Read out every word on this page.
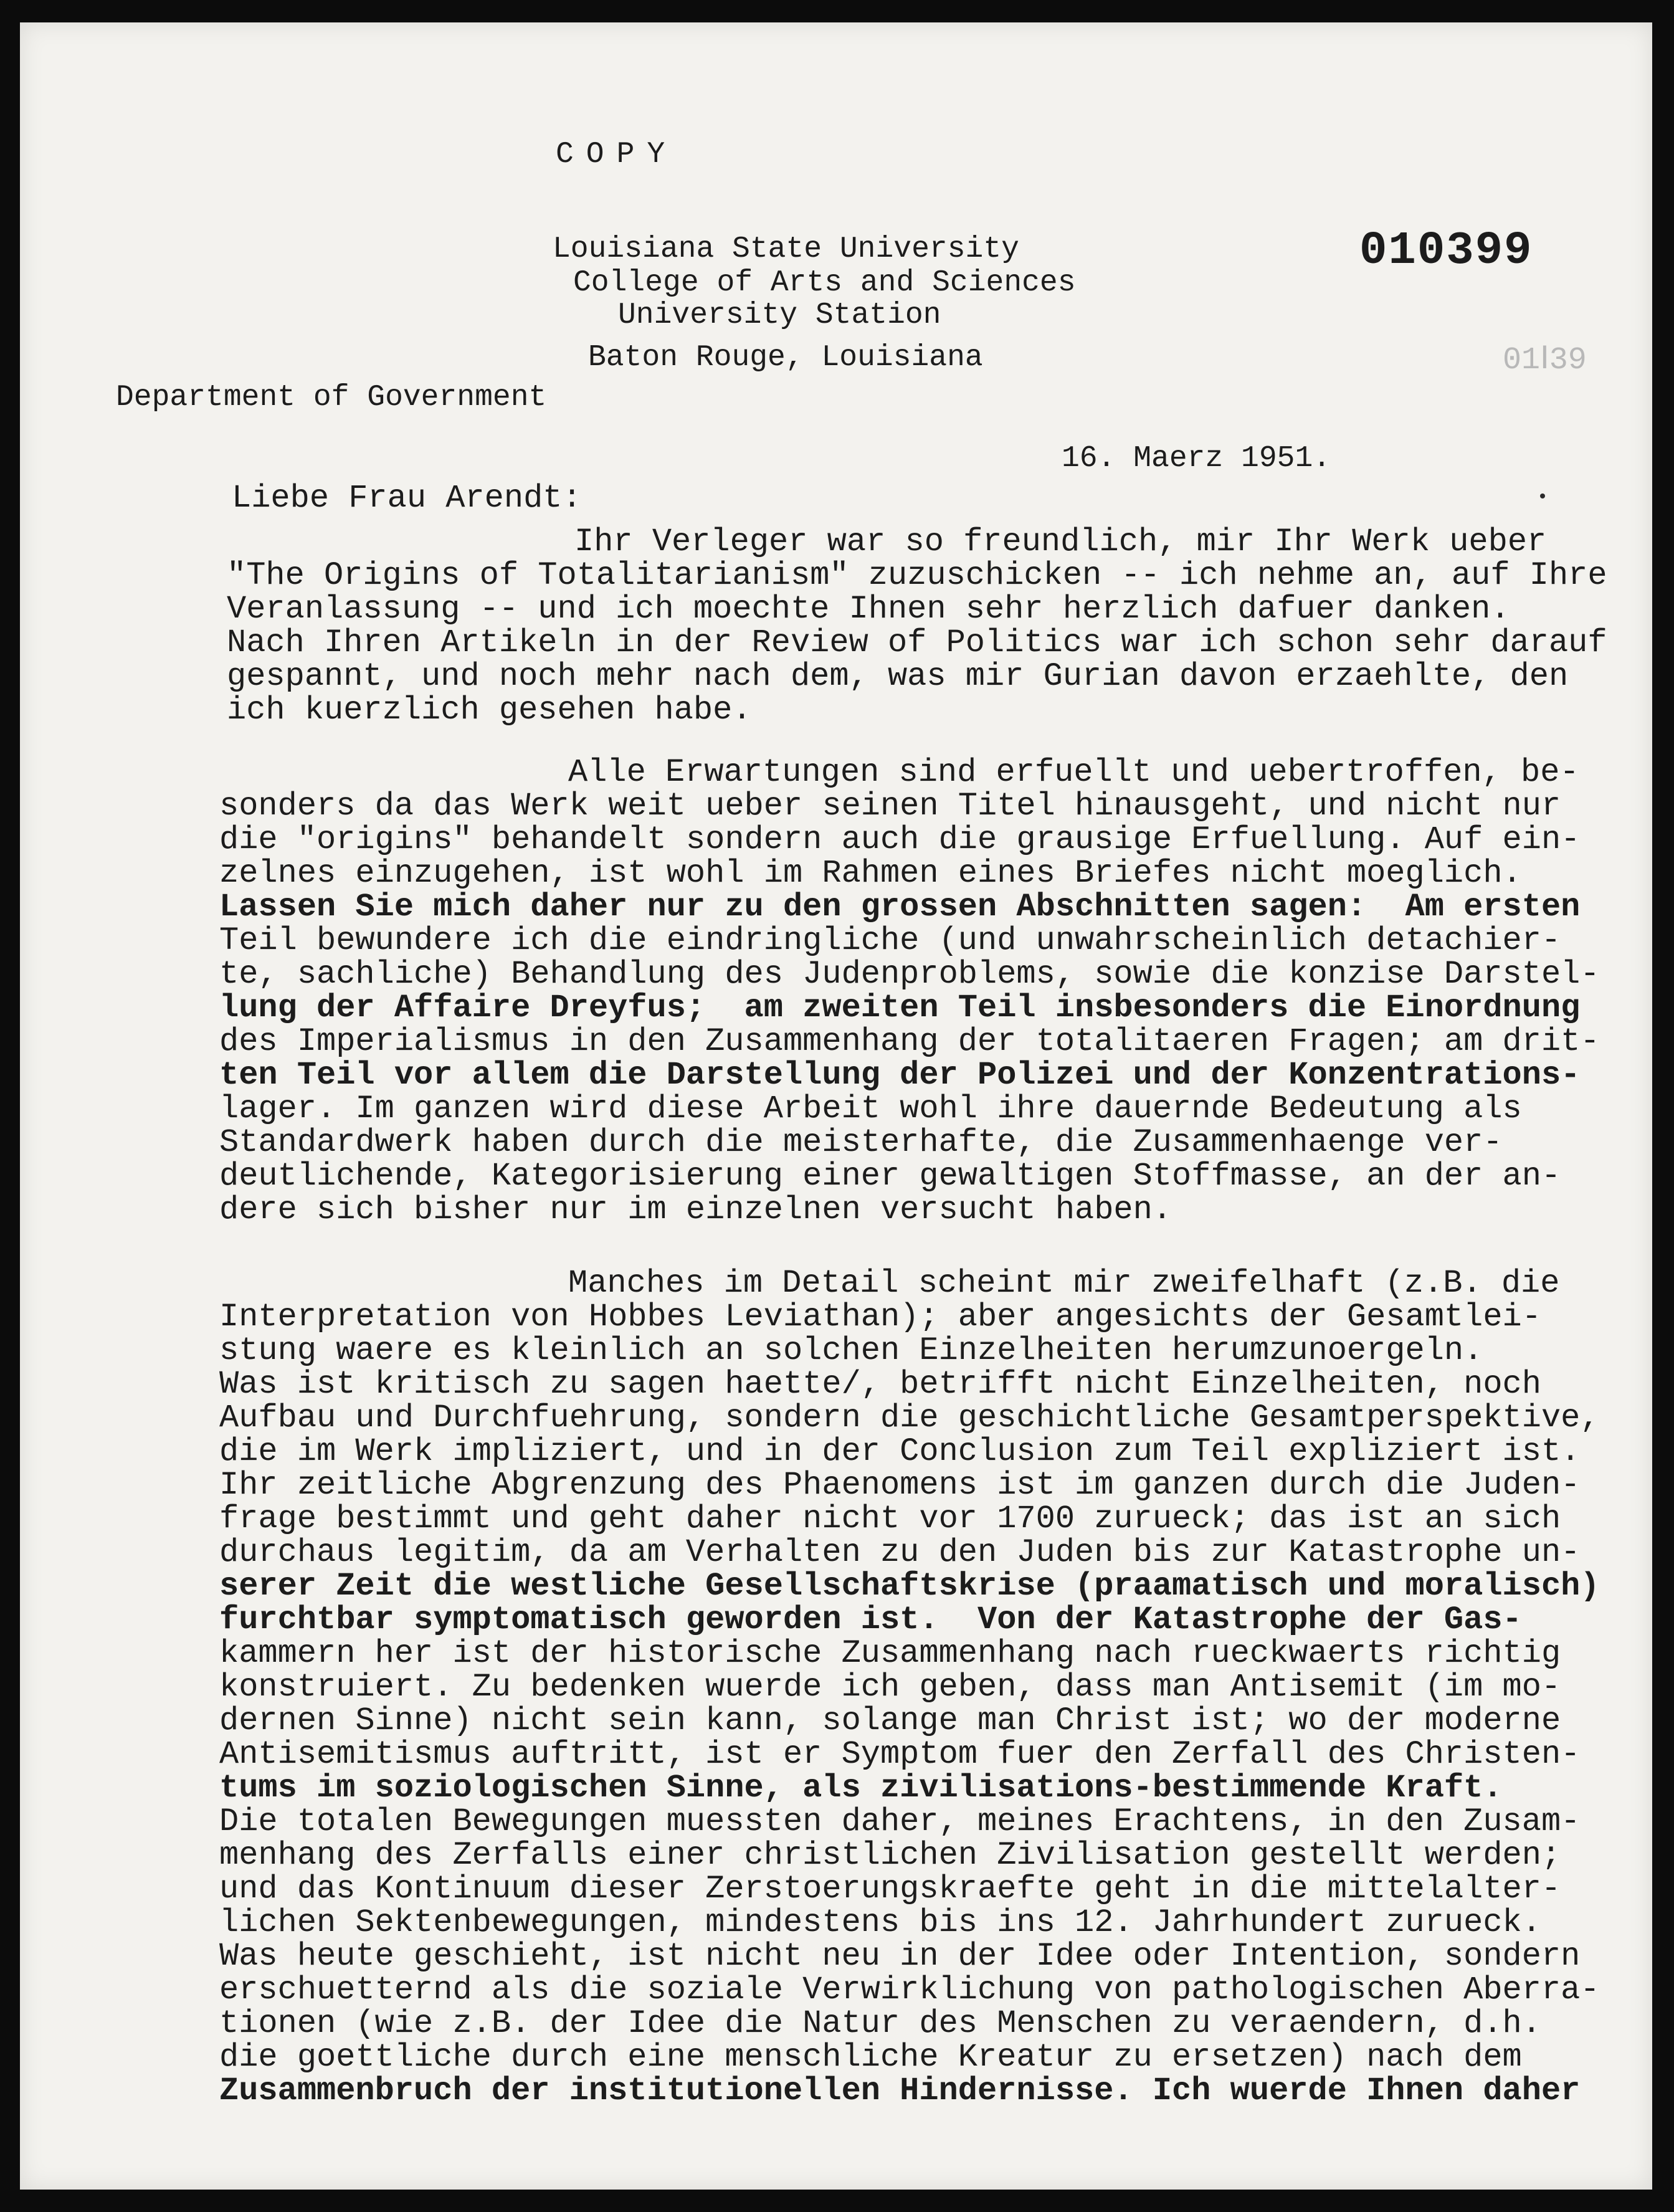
COPY
Louisiana State University
College of Arts and Sciences
University Station
Baton Rouge, Louisiana
010399
01Ⅰ39
Department of Government
16. Maerz 1951.
Liebe Frau Arendt:
Ihr Verleger war so freundlich, mir Ihr Werk ueber
"The Origins of Totalitarianism" zuzuschicken -- ich nehme an, auf Ihre
Veranlassung -- und ich moechte Ihnen sehr herzlich dafuer danken.
Nach Ihren Artikeln in der Review of Politics war ich schon sehr darauf
gespannt, und noch mehr nach dem, was mir Gurian davon erzaehlte, den
ich kuerzlich gesehen habe.
Alle Erwartungen sind erfuellt und uebertroffen, be-
sonders da das Werk weit ueber seinen Titel hinausgeht, und nicht nur
die "origins" behandelt sondern auch die grausige Erfuellung. Auf ein-
zelnes einzugehen, ist wohl im Rahmen eines Briefes nicht moeglich.
Lassen Sie mich daher nur zu den grossen Abschnitten sagen:  Am ersten
Teil bewundere ich die eindringliche (und unwahrscheinlich detachier-
te, sachliche) Behandlung des Judenproblems, sowie die konzise Darstel-
lung der Affaire Dreyfus;  am zweiten Teil insbesonders die Einordnung
des Imperialismus in den Zusammenhang der totalitaeren Fragen; am drit-
ten Teil vor allem die Darstellung der Polizei und der Konzentrations-
lager. Im ganzen wird diese Arbeit wohl ihre dauernde Bedeutung als
Standardwerk haben durch die meisterhafte, die Zusammenhaenge ver-
deutlichende, Kategorisierung einer gewaltigen Stoffmasse, an der an-
dere sich bisher nur im einzelnen versucht haben.
Manches im Detail scheint mir zweifelhaft (z.B. die
Interpretation von Hobbes Leviathan); aber angesichts der Gesamtlei-
stung waere es kleinlich an solchen Einzelheiten herumzunoergeln.
Was ist kritisch zu sagen haette/, betrifft nicht Einzelheiten, noch
Aufbau und Durchfuehrung, sondern die geschichtliche Gesamtperspektive,
die im Werk impliziert, und in der Conclusion zum Teil expliziert ist.
Ihr zeitliche Abgrenzung des Phaenomens ist im ganzen durch die Juden-
frage bestimmt und geht daher nicht vor 1700 zurueck; das ist an sich
durchaus legitim, da am Verhalten zu den Juden bis zur Katastrophe un-
serer Zeit die westliche Gesellschaftskrise (praamatisch und moralisch)
furchtbar symptomatisch geworden ist.  Von der Katastrophe der Gas-
kammern her ist der historische Zusammenhang nach rueckwaerts richtig
konstruiert. Zu bedenken wuerde ich geben, dass man Antisemit (im mo-
dernen Sinne) nicht sein kann, solange man Christ ist; wo der moderne
Antisemitismus auftritt, ist er Symptom fuer den Zerfall des Christen-
tums im soziologischen Sinne, als zivilisations-bestimmende Kraft.
Die totalen Bewegungen muessten daher, meines Erachtens, in den Zusam-
menhang des Zerfalls einer christlichen Zivilisation gestellt werden;
und das Kontinuum dieser Zerstoerungskraefte geht in die mittelalter-
lichen Sektenbewegungen, mindestens bis ins 12. Jahrhundert zurueck.
Was heute geschieht, ist nicht neu in der Idee oder Intention, sondern
erschuetternd als die soziale Verwirklichung von pathologischen Aberra-
tionen (wie z.B. der Idee die Natur des Menschen zu veraendern, d.h.
die goettliche durch eine menschliche Kreatur zu ersetzen) nach dem
Zusammenbruch der institutionellen Hindernisse. Ich wuerde Ihnen daher
